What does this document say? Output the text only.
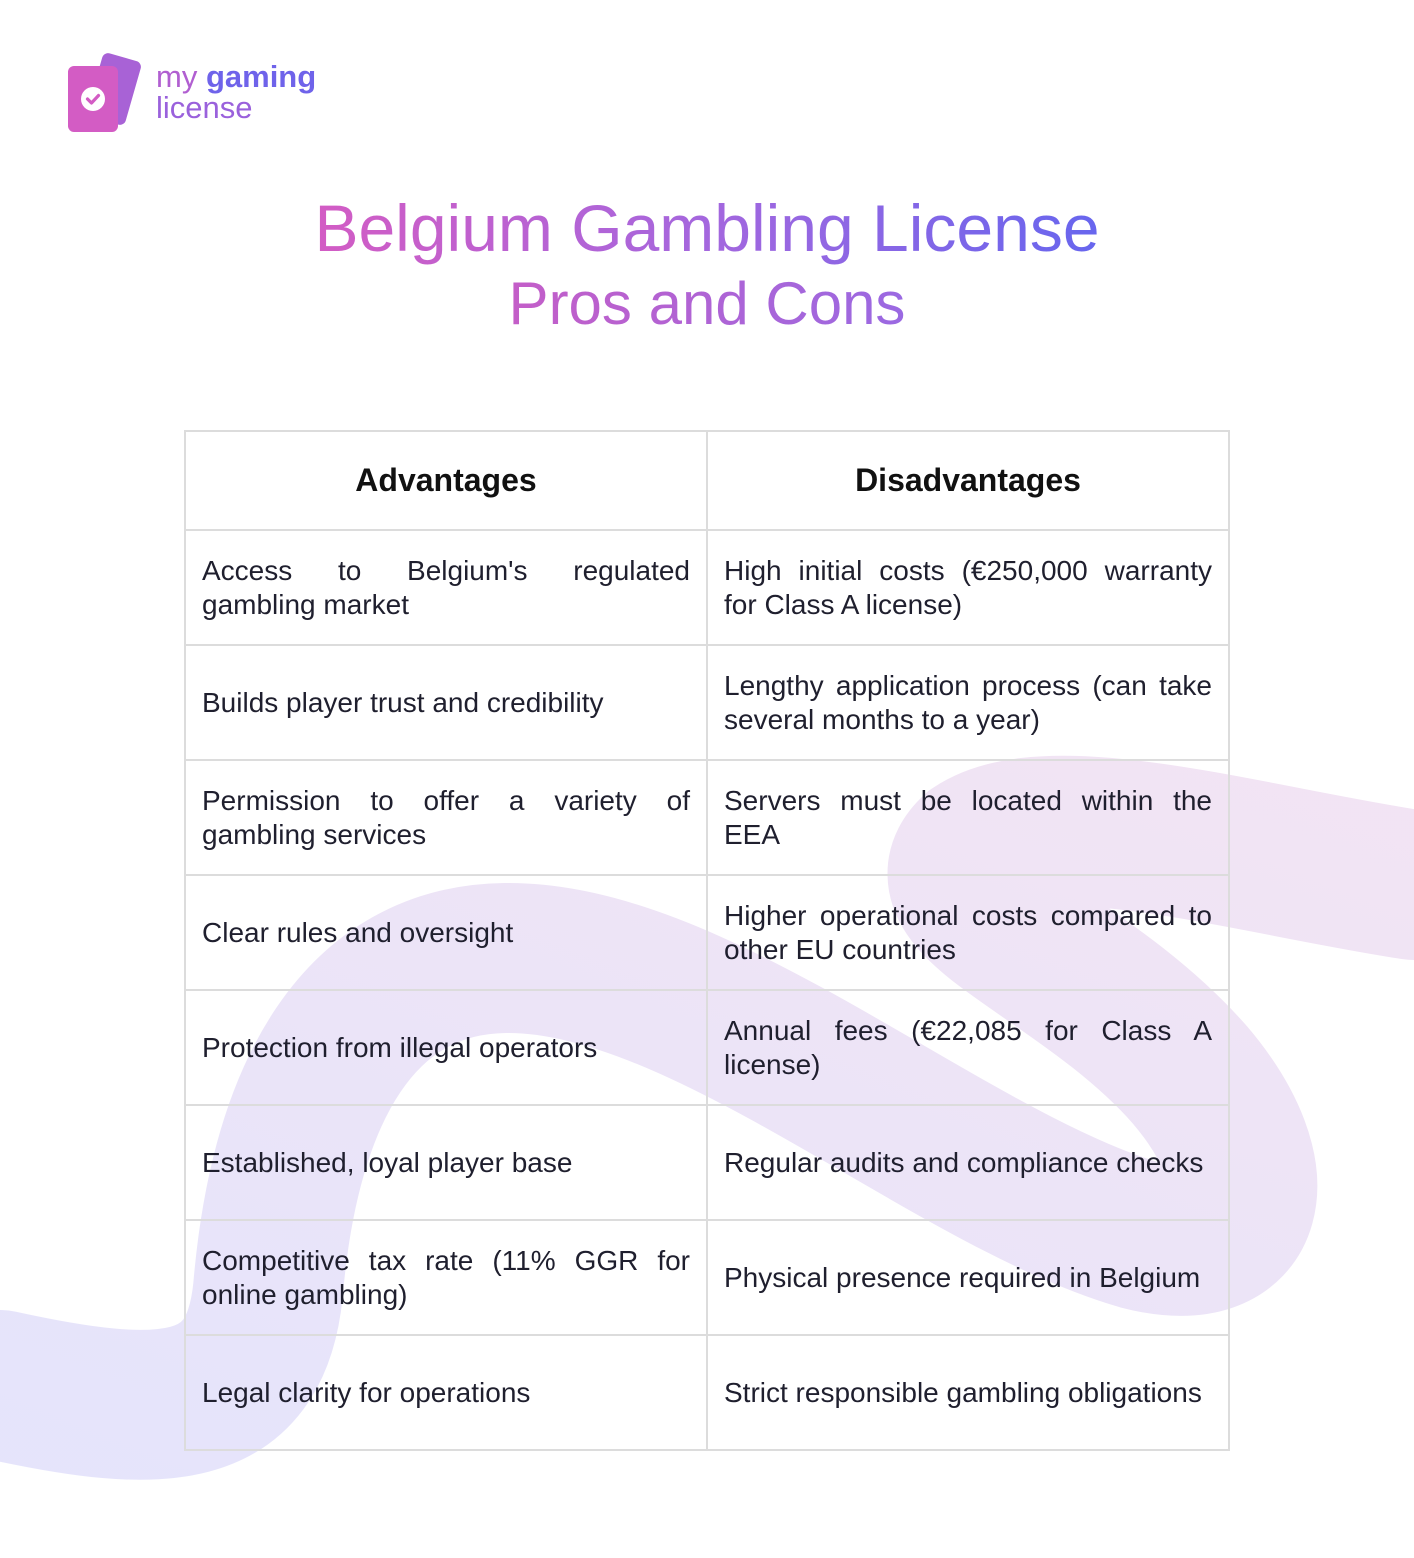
my gaming
license
Belgium Gambling License
Pros and Cons
Advantages	Disadvantages
Access to Belgium's regulated gambling market	High initial costs (€250,000 warranty for Class A license)
Builds player trust and credibility	Lengthy application process (can take several months to a year)
Permission to offer a variety of gambling services	Servers must be located within the EEA
Clear rules and oversight	Higher operational costs compared to other EU countries
Protection from illegal operators	Annual fees (€22,085 for Class A license)
Established, loyal player base	Regular audits and compliance checks
Competitive tax rate (11% GGR for online gambling)	Physical presence required in Belgium
Legal clarity for operations	Strict responsible gambling obligations
